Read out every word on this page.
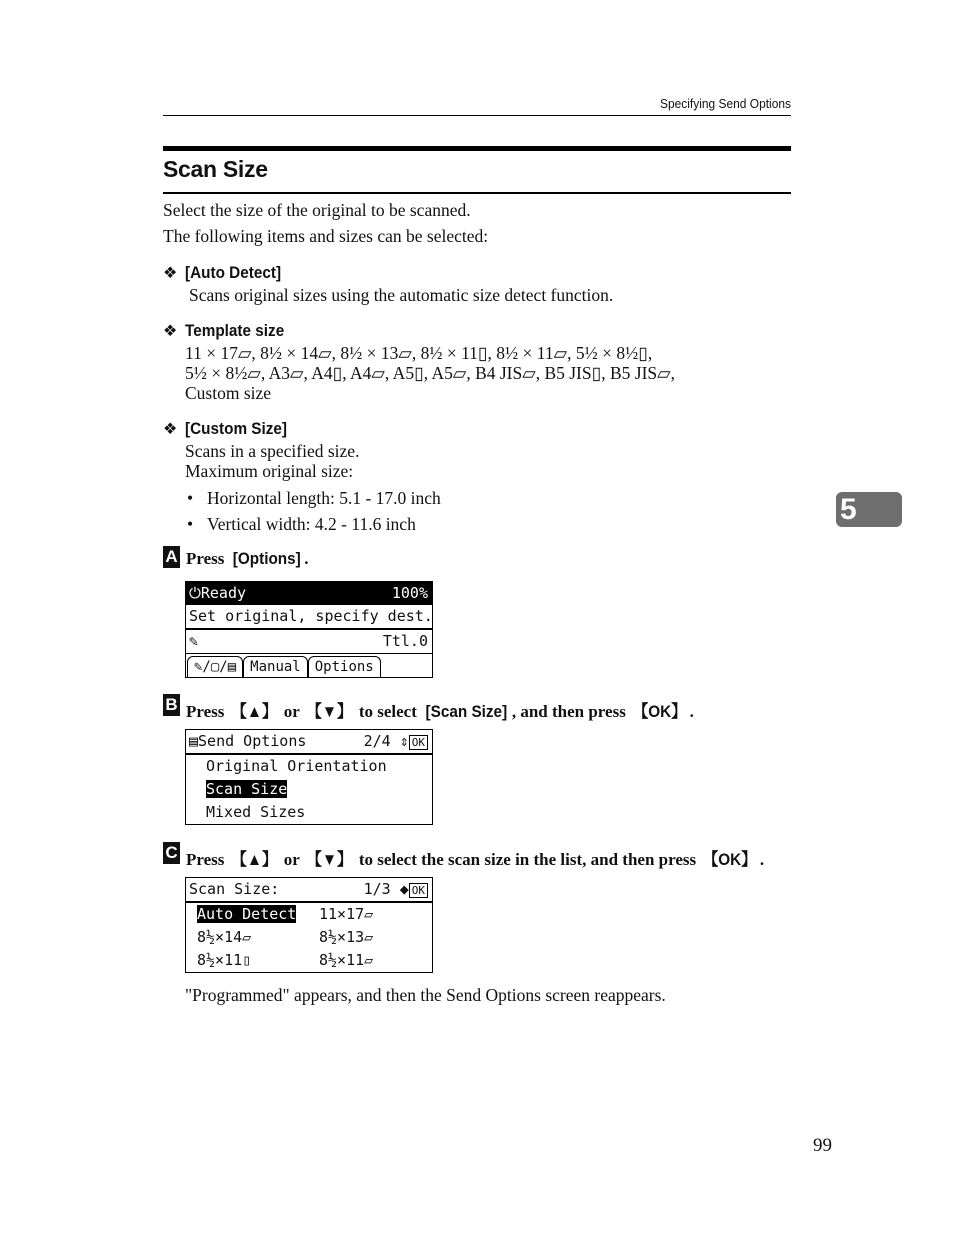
Specifying Send Options
Scan Size
Select the size of the original to be scanned.
The following items and sizes can be selected:
❖ [Auto Detect]
Scans original sizes using the automatic size detect function.
❖ Template size
11 × 17▱, 8½ × 14▱, 8½ × 13▱, 8½ × 11▯, 8½ × 11▱, 5½ × 8½▯,
5½ × 8½▱, A3▱, A4▯, A4▱, A5▯, A5▱, B4 JIS▱, B5 JIS▯, B5 JIS▱,
Custom size
❖ [Custom Size]
Scans in a specified size.
Maximum original size:
• Horizontal length: 5.1 - 17.0 inch
• Vertical width: 4.2 - 11.6 inch	5
A Press [Options] .
⏻Ready	100%
Set original, specify dest.
✎	Ttl.0
✎/▢/▤ Manual Options
B Press 【▲】 or 【▼】 to select [Scan Size] , and then press 【OK】 .
▤Send Options	2/4 ⇕ OK
Original Orientation
Scan Size
Mixed Sizes
C Press 【▲】 or 【▼】 to select the scan size in the list, and then press 【OK】 .
Scan Size:	1/3 ◆ OK
Auto Detect 11×17▱
8½×14▱	8½×13▱
8½×11▯	8½×11▱
"Programmed" appears, and then the Send Options screen reappears.
99
